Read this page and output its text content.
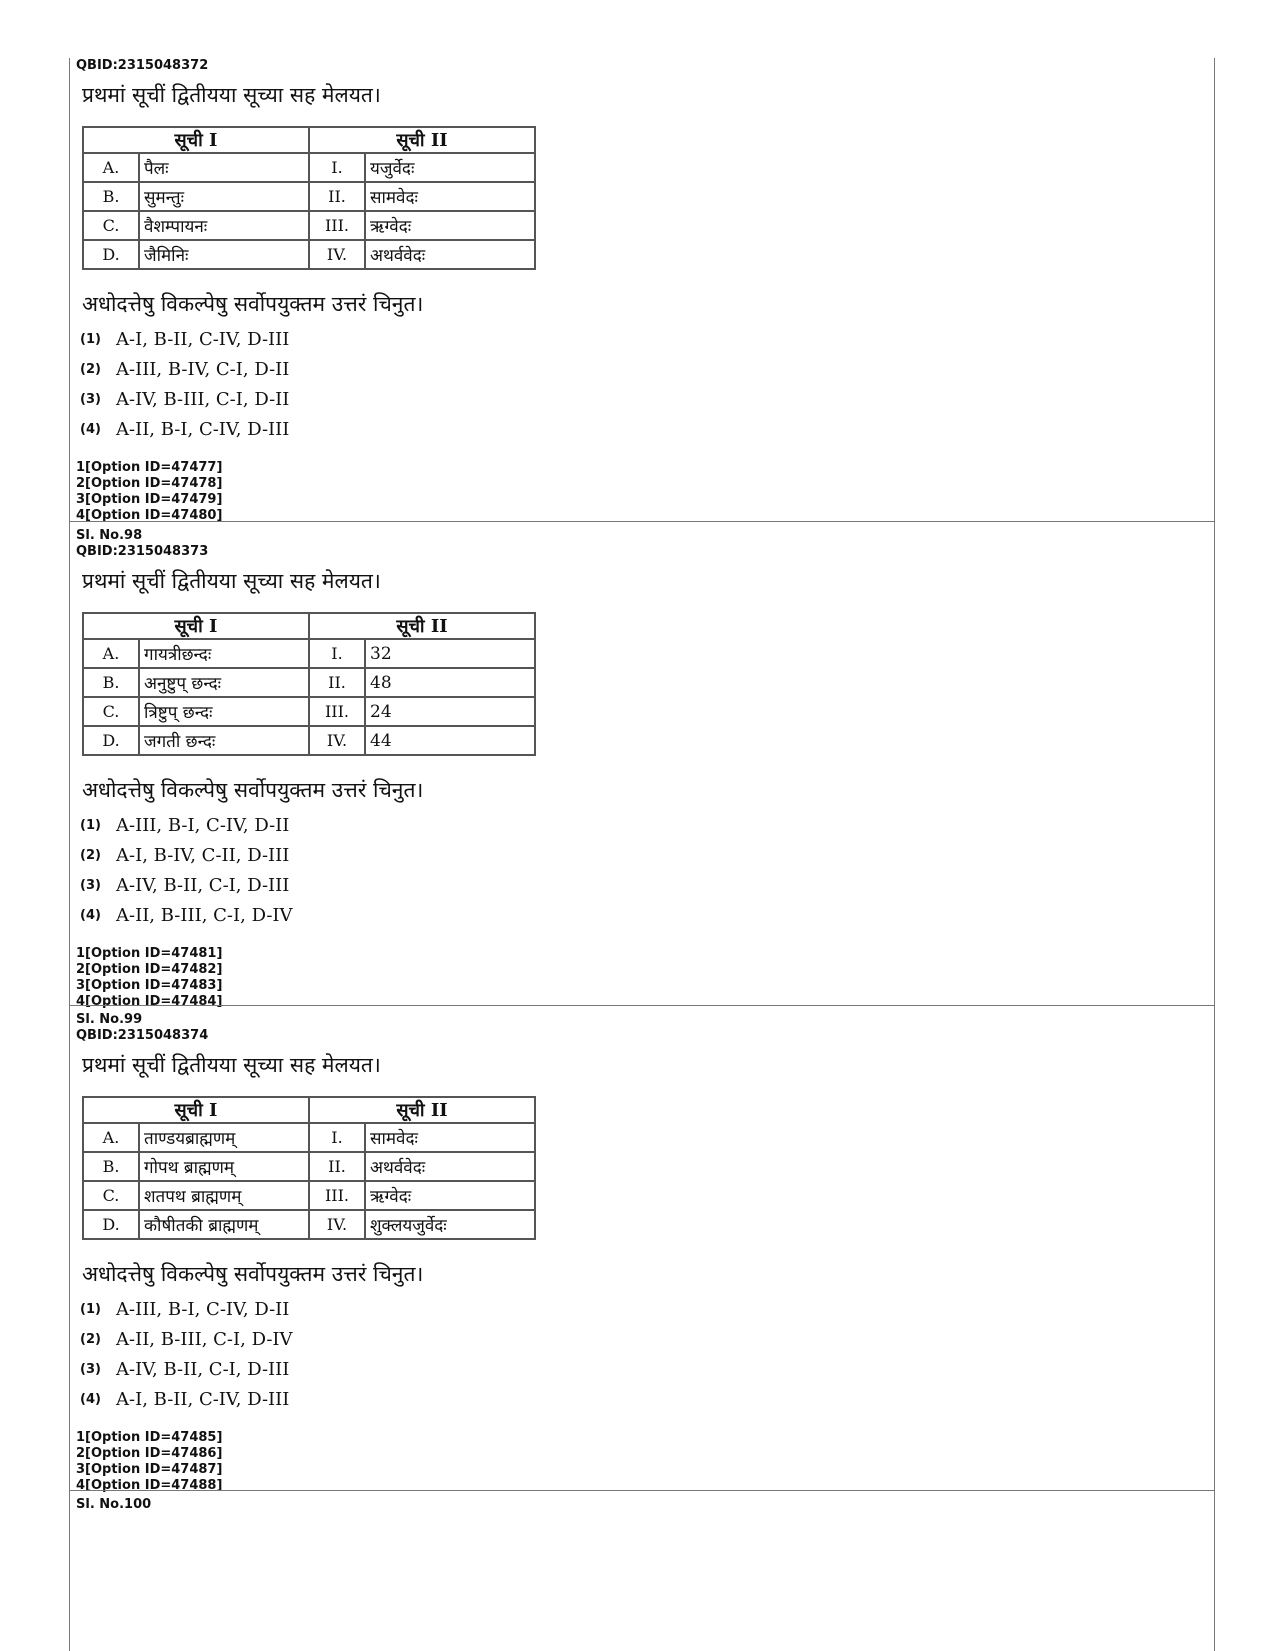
QBID:2315048372
प्रथमां सूचीं द्वितीयया सूच्या सह मेलयत।
सूची I		सूची II	
A.	पैलः	I.	यजुर्वेदः
B.	सुमन्तुः	II.	सामवेदः
C.	वैशम्पायनः	III.	ऋग्वेदः
D.	जैमिनिः	IV.	अथर्ववेदः
अधोदत्तेषु विकल्पेषु सर्वोपयुक्तम उत्तरं चिनुत।
(1) A-I, B-II, C-IV, D-III
(2) A-III, B-IV, C-I, D-II
(3) A-IV, B-III, C-I, D-II
(4) A-II, B-I, C-IV, D-III
1[Option ID=47477]
2[Option ID=47478]
3[Option ID=47479]
4[Option ID=47480]
Sl. No.98
QBID:2315048373
प्रथमां सूचीं द्वितीयया सूच्या सह मेलयत।
सूची I		सूची II	
A.	गायत्रीछन्दः	I.	32
B.	अनुष्टुप् छन्दः	II.	48
C.	त्रिष्टुप् छन्दः	III.	24
D.	जगती छन्दः	IV.	44
अधोदत्तेषु विकल्पेषु सर्वोपयुक्तम उत्तरं चिनुत।
(1) A-III, B-I, C-IV, D-II
(2) A-I, B-IV, C-II, D-III
(3) A-IV, B-II, C-I, D-III
(4) A-II, B-III, C-I, D-IV
1[Option ID=47481]
2[Option ID=47482]
3[Option ID=47483]
4[Option ID=47484]
Sl. No.99
QBID:2315048374
प्रथमां सूचीं द्वितीयया सूच्या सह मेलयत।
सूची I		सूची II	
A.	ताण्डयब्राह्मणम्	I.	सामवेदः
B.	गोपथ ब्राह्मणम्	II.	अथर्ववेदः
C.	शतपथ ब्राह्मणम्	III.	ऋग्वेदः
D.	कौषीतकी ब्राह्मणम्	IV.	शुक्लयजुर्वेदः
अधोदत्तेषु विकल्पेषु सर्वोपयुक्तम उत्तरं चिनुत।
(1) A-III, B-I, C-IV, D-II
(2) A-II, B-III, C-I, D-IV
(3) A-IV, B-II, C-I, D-III
(4) A-I, B-II, C-IV, D-III
1[Option ID=47485]
2[Option ID=47486]
3[Option ID=47487]
4[Option ID=47488]
Sl. No.100
